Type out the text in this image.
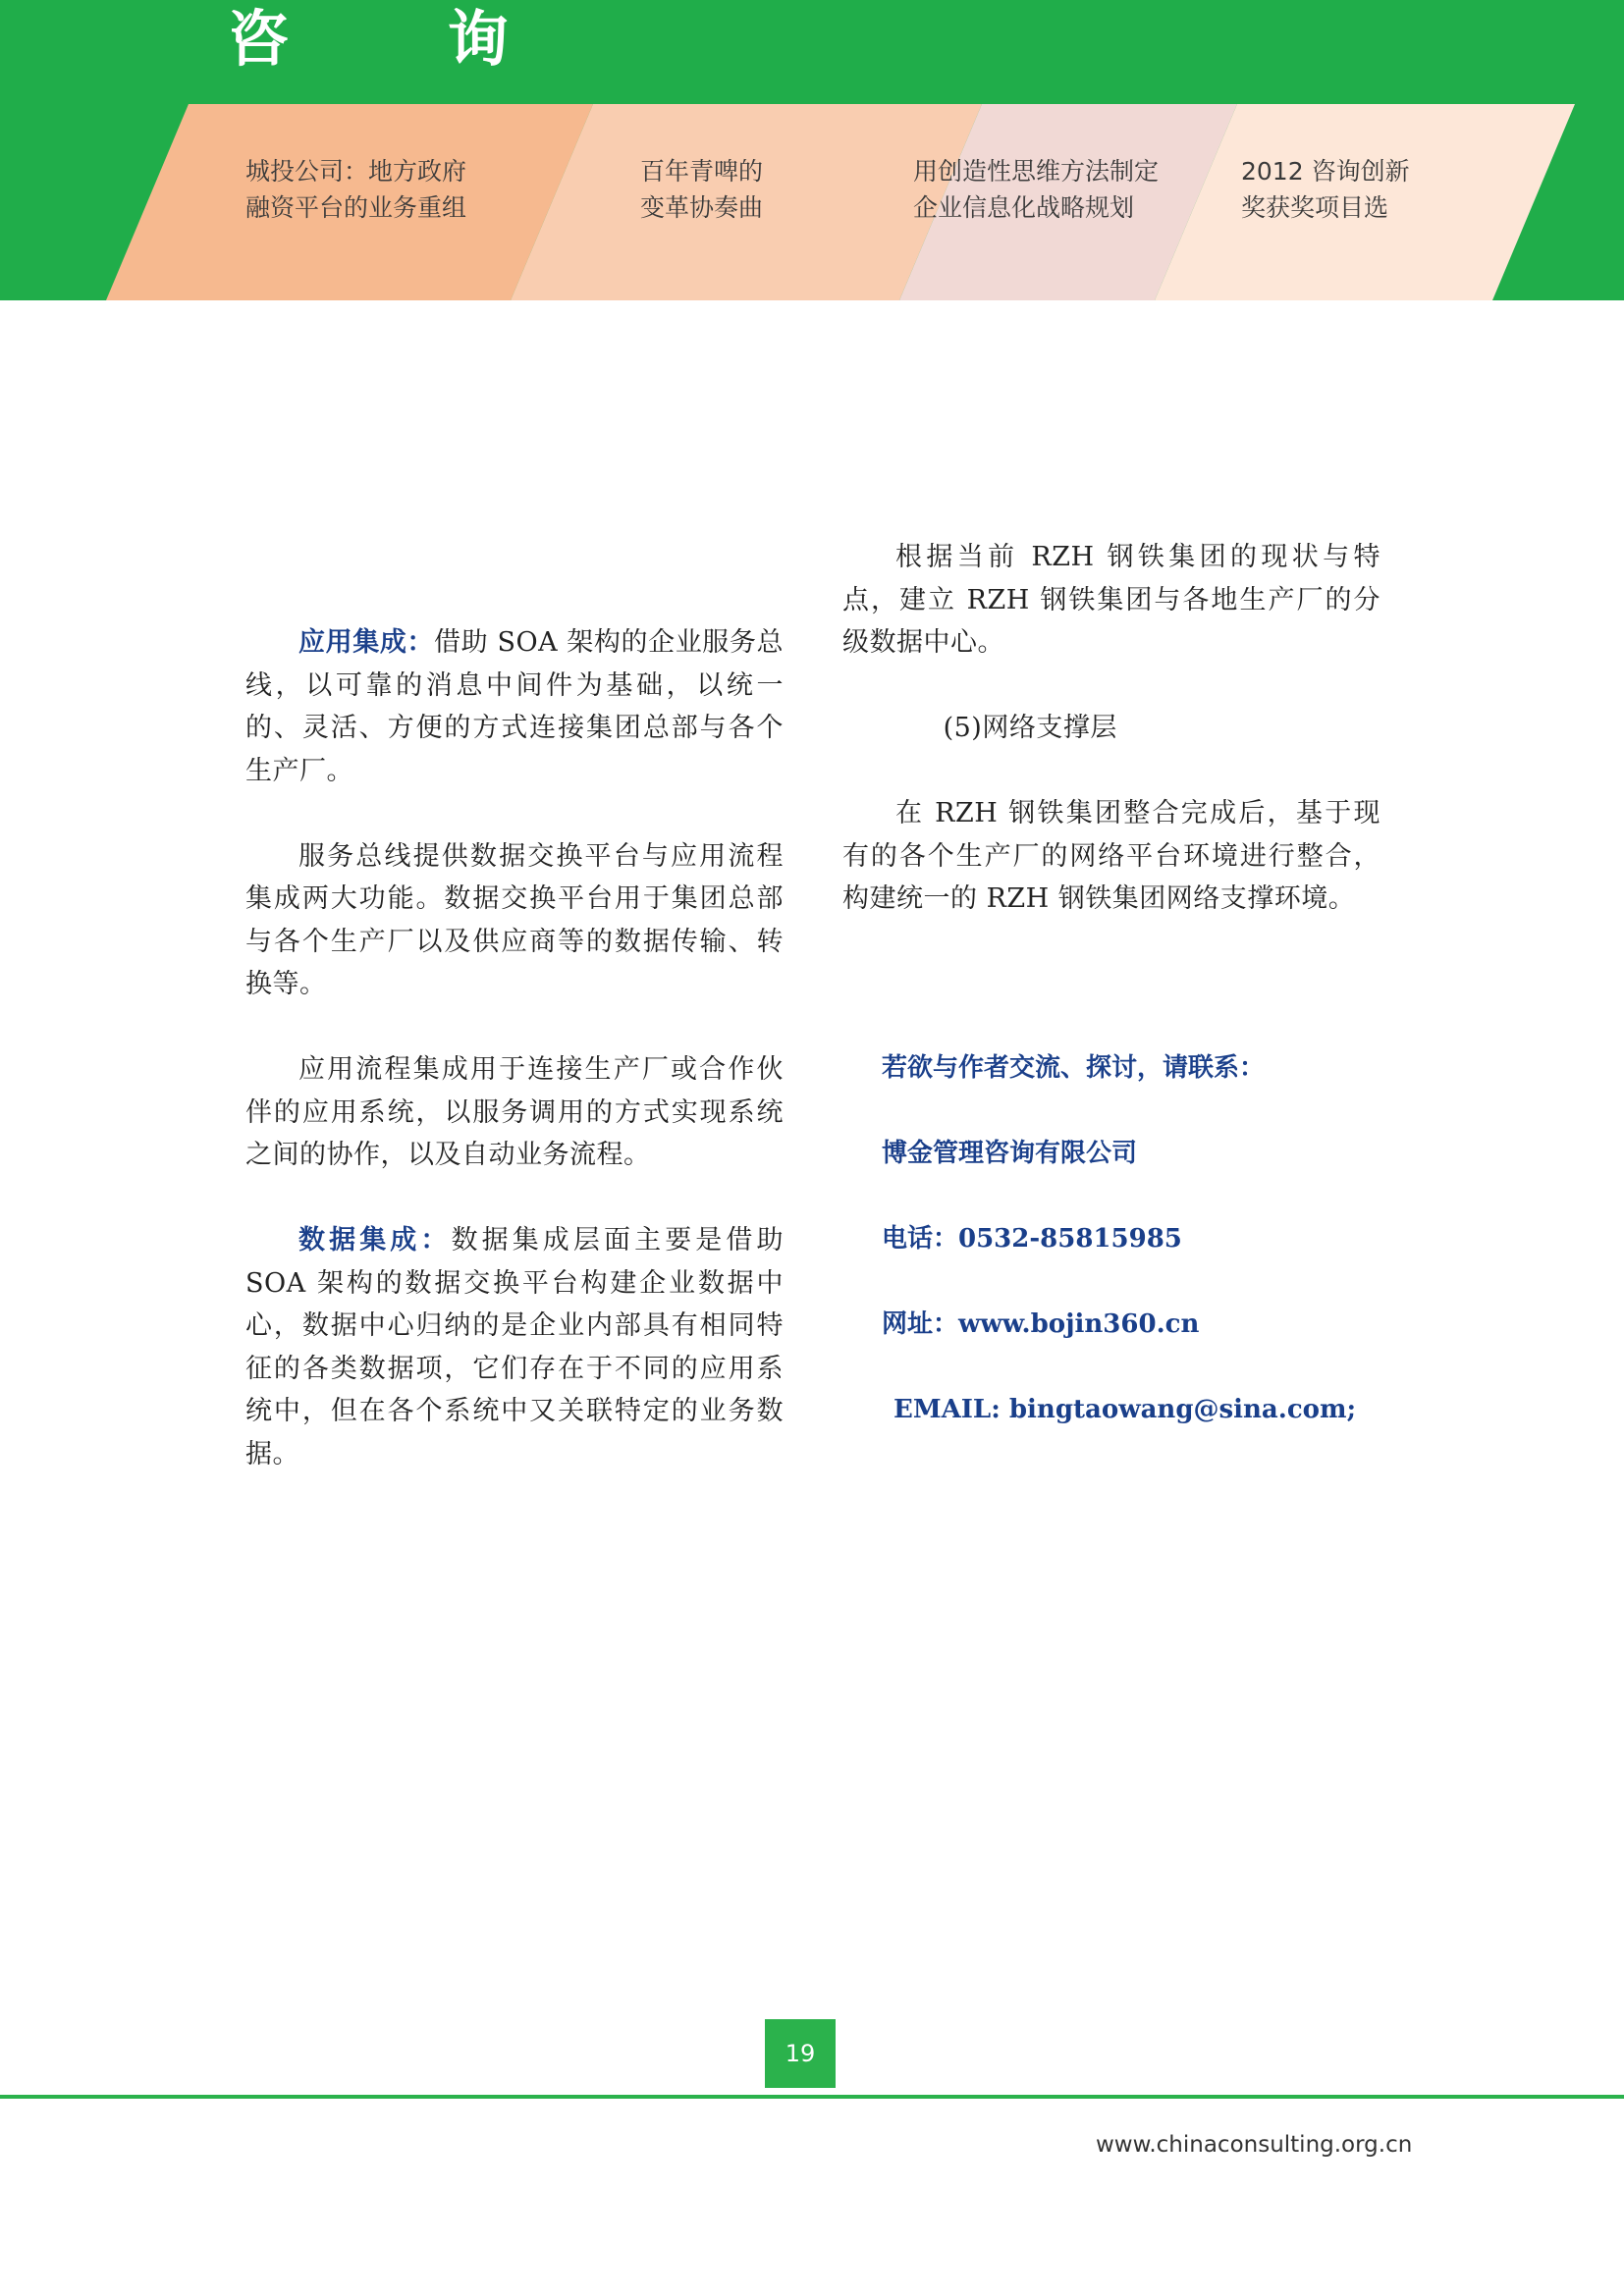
咨 询
城投公司：地方政府
融资平台的业务重组
百年青啤的
变革协奏曲
用创造性思维方法制定
企业信息化战略规划
2012 咨询创新
奖获奖项目选

应用集成：借助 SOA 架构的企业服务总线，以可靠的消息中间件为基础，以统一的、灵活、方便的方式连接集团总部与各个生产厂。

服务总线提供数据交换平台与应用流程集成两大功能。数据交换平台用于集团总部与各个生产厂以及供应商等的数据传输、转换等。

应用流程集成用于连接生产厂或合作伙伴的应用系统，以服务调用的方式实现系统之间的协作，以及自动业务流程。

数据集成：数据集成层面主要是借助 SOA 架构的数据交换平台构建企业数据中心，数据中心归纳的是企业内部具有相同特征的各类数据项，它们存在于不同的应用系统中，但在各个系统中又关联特定的业务数据。

根据当前 RZH 钢铁集团的现状与特点，建立 RZH 钢铁集团与各地生产厂的分级数据中心。

(5)网络支撑层

在 RZH 钢铁集团整合完成后，基于现有的各个生产厂的网络平台环境进行整合，构建统一的 RZH 钢铁集团网络支撑环境。

若欲与作者交流、探讨，请联系：
博金管理咨询有限公司
电话：0532-85815985
网址：www.bojin360.cn
EMAIL: bingtaowang@sina.com;
19
www.chinaconsulting.org.cn
